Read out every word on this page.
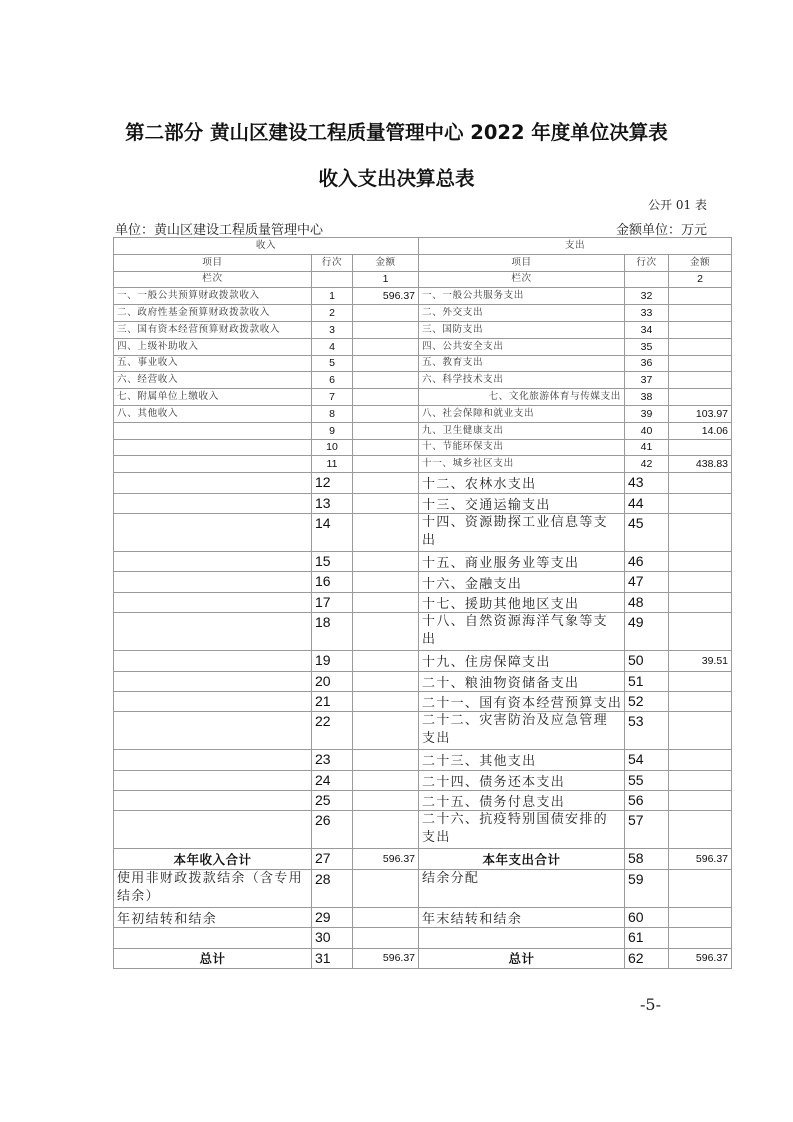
第二部分 黄山区建设工程质量管理中心 2022 年度单位决算表
收入支出决算总表
公开 01 表
单位：黄山区建设工程质量管理中心	金额单位：万元
收入			支出		
项目	行次	金额	项目	行次	金额
栏次		1	栏次		2
一、一般公共预算财政拨款收入	1	596.37	一、一般公共服务支出	32	
二、政府性基金预算财政拨款收入	2		二、外交支出	33	
三、国有资本经营预算财政拨款收入	3		三、国防支出	34	
四、上级补助收入	4		四、公共安全支出	35	
五、事业收入	5		五、教育支出	36	
六、经营收入	6		六、科学技术支出	37	
七、附属单位上缴收入	7		七、文化旅游体育与传媒支出	38	
八、其他收入	8		八、社会保障和就业支出	39	103.97
	9		九、卫生健康支出	40	14.06
	10		十、节能环保支出	41	
	11		十一、城乡社区支出	42	438.83
	12		十二、农林水支出	43	
	13		十三、交通运输支出	44	
	14		十四、资源勘探工业信息等支出	45	
	15		十五、商业服务业等支出	46	
	16		十六、金融支出	47	
	17		十七、援助其他地区支出	48	
	18		十八、自然资源海洋气象等支出	49	
	19		十九、住房保障支出	50	39.51
	20		二十、粮油物资储备支出	51	
	21		二十一、国有资本经营预算支出	52	
	22		二十二、灾害防治及应急管理支出	53	
	23		二十三、其他支出	54	
	24		二十四、债务还本支出	55	
	25		二十五、债务付息支出	56	
	26		二十六、抗疫特别国债安排的支出	57	
本年收入合计	27	596.37	本年支出合计	58	596.37
使用非财政拨款结余（含专用结余）	28		结余分配	59	
年初结转和结余	29		年末结转和结余	60	
	30			61	
总计	31	596.37	总计	62	596.37
-5-
